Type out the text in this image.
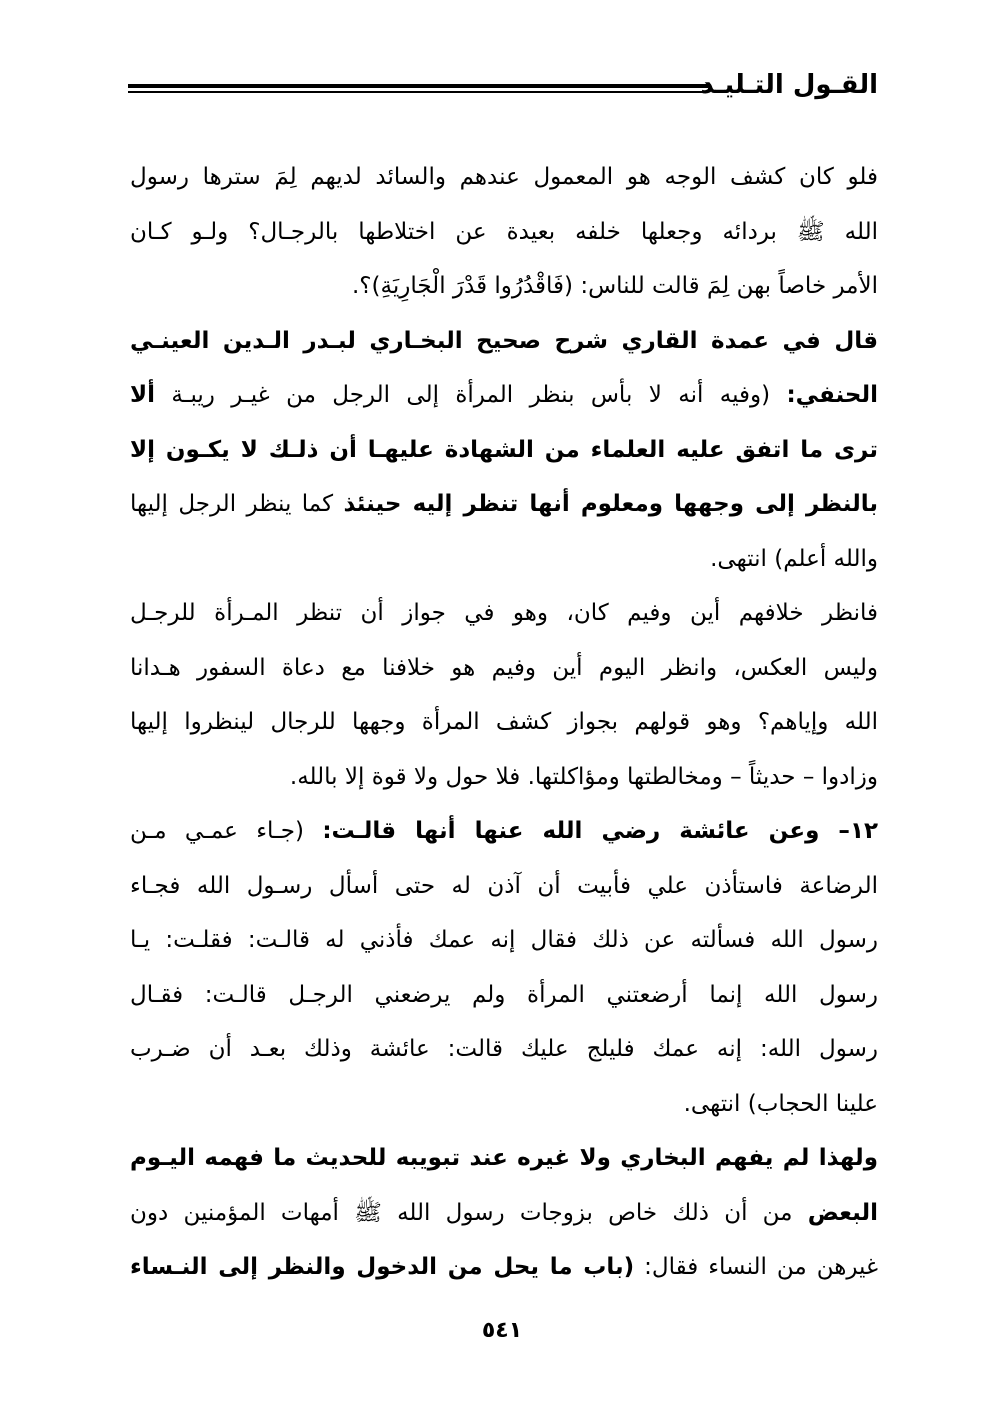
القـول التـليـد
فلو كان كشف الوجه هو المعمول عندهم والسائد لديهم لِمَ سترها رسول
الله ﷺ بردائه وجعلها خلفه بعيدة عن اختلاطها بالرجـال؟ ولـو كـان
الأمر خاصاً بهن لِمَ قالت للناس: (فَاقْدُرُوا قَدْرَ الْجَارِيَةِ)؟.
قال في عمدة القاري شرح صحيح البخـاري لبـدر الـدين العينـي
الحنفي: (وفيه أنه لا بأس بنظر المرأة إلى الرجل من غيـر ريبـة ألا
ترى ما اتفق عليه العلماء من الشهادة عليهـا أن ذلـك لا يكـون إلا
بالنظر إلى وجهها ومعلوم أنها تنظر إليه حينئذ كما ينظر الرجل إليها
والله أعلم) انتهى.
فانظر خلافهم أين وفيم كان، وهو في جواز أن تنظر المـرأة للرجـل
وليس العكس، وانظر اليوم أين وفيم هو خلافنا مع دعاة السفور هـدانا
الله وإياهم؟ وهو قولهم بجواز كشف المرأة وجهها للرجال لينظروا إليها
وزادوا – حديثاً – ومخالطتها ومؤاكلتها. فلا حول ولا قوة إلا بالله.
١٢– وعن عائشة رضي الله عنها أنها قالـت: (جـاء عمـي مـن
الرضاعة فاستأذن علي فأبيت أن آذن له حتى أسأل رسـول الله فجـاء
رسول الله فسألته عن ذلك فقال إنه عمك فأذني له قالـت: فقلـت: يـا
رسول الله إنما أرضعتني المرأة ولم يرضعني الرجـل قالـت: فقـال
رسول الله: إنه عمك فليلج عليك قالت: عائشة وذلك بعـد أن ضـرب
علينا الحجاب) انتهى.
ولهذا لم يفهم البخاري ولا غيره عند تبويبه للحديث ما فهمه اليـوم
البعض من أن ذلك خاص بزوجات رسول الله ﷺ أمهات المؤمنين دون
غيرهن من النساء فقال: (باب ما يحل من الدخول والنظر إلى النـساء
٥٤١
